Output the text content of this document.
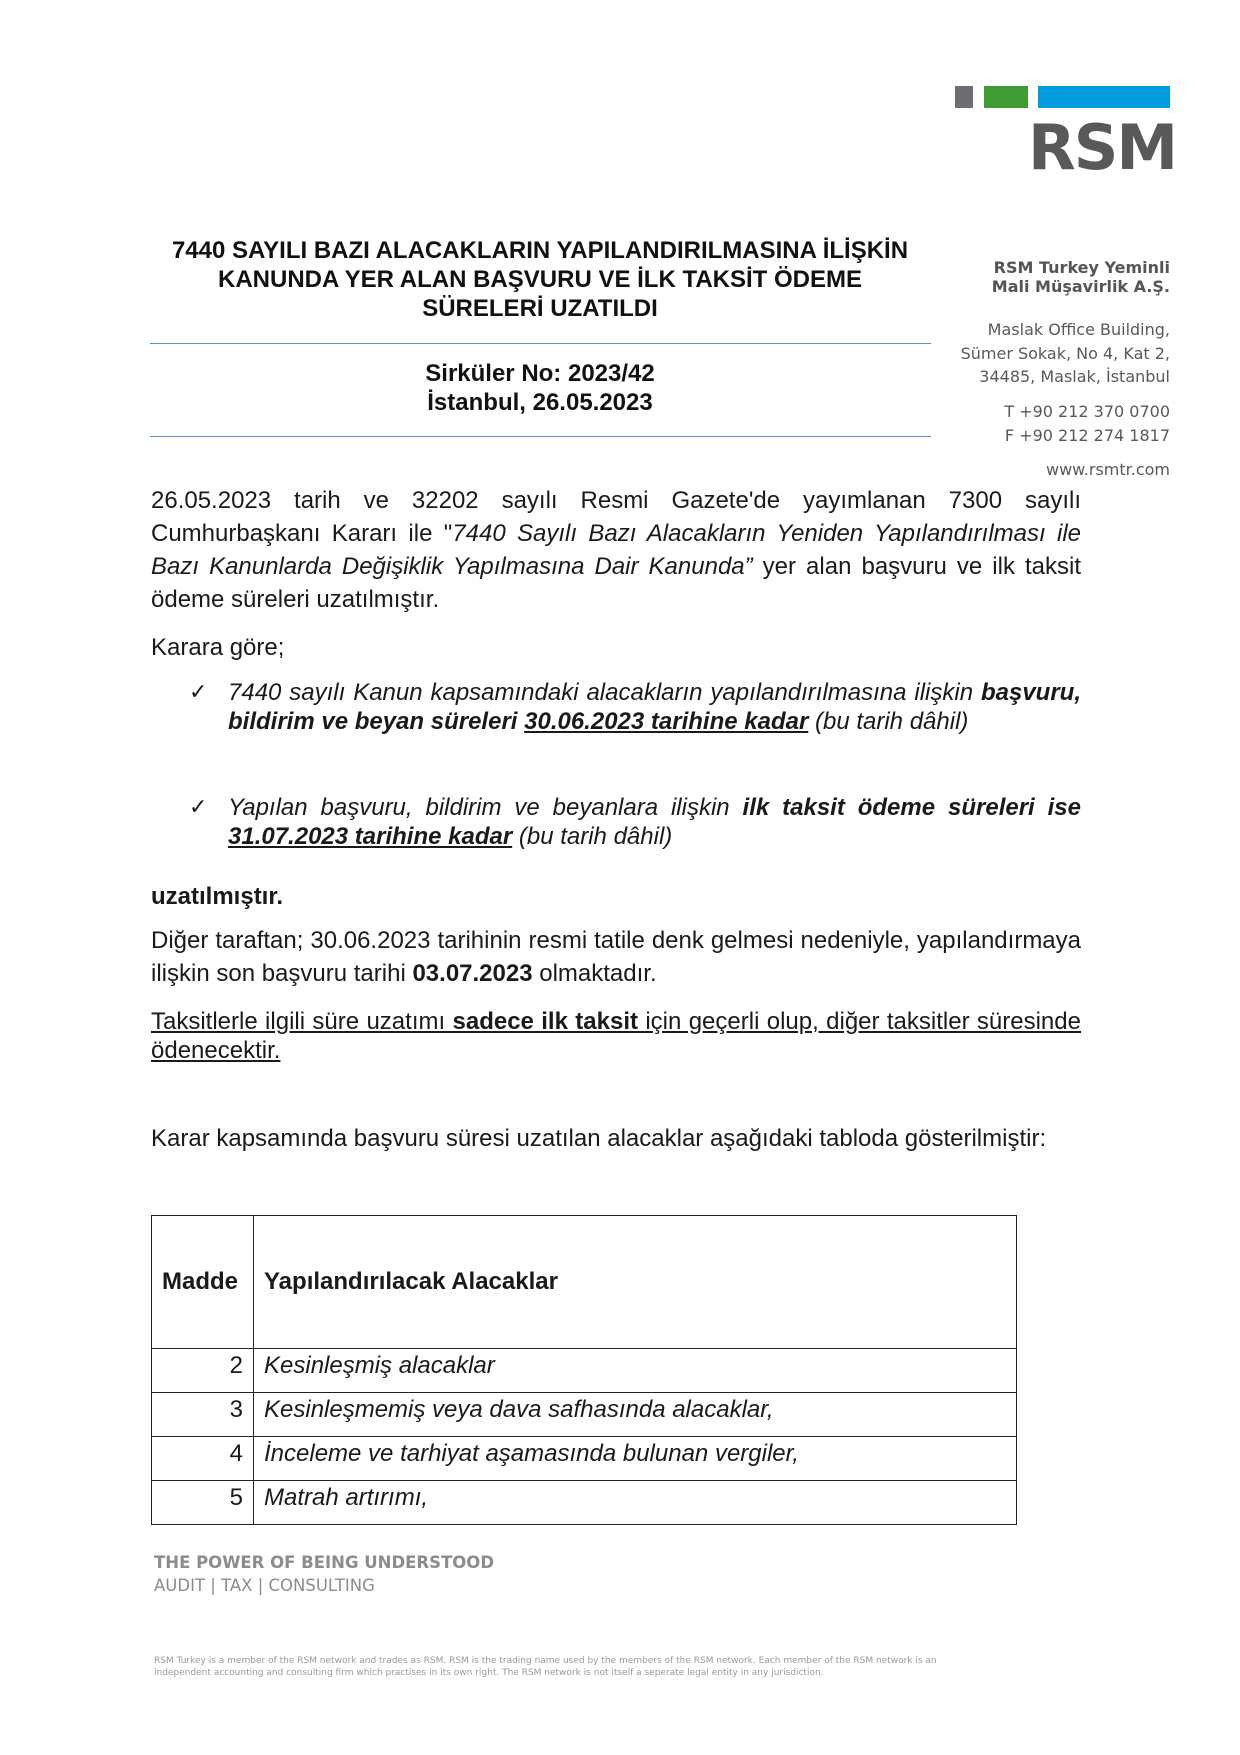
RSM
RSM Turkey Yeminli
Mali Müşavirlik A.Ş.
Maslak Office Building,
Sümer Sokak, No 4, Kat 2,
34485, Maslak, İstanbul
T +90 212 370 0700
F +90 212 274 1817
www.rsmtr.com
7440 SAYILI BAZI ALACAKLARIN YAPILANDIRILMASINA İLİŞKİN
KANUNDA YER ALAN BAŞVURU VE İLK TAKSİT ÖDEME
SÜRELERİ UZATILDI
Sirküler No: 2023/42
İstanbul, 26.05.2023
26.05.2023 tarih ve 32202 sayılı Resmi Gazete'de yayımlanan 7300 sayılı Cumhurbaşkanı Kararı ile "7440 Sayılı Bazı Alacakların Yeniden Yapılandırılması ile Bazı Kanunlarda Değişiklik Yapılmasına Dair Kanunda” yer alan başvuru ve ilk taksit ödeme süreleri uzatılmıştır.
Karara göre;
✓ 7440 sayılı Kanun kapsamındaki alacakların yapılandırılmasına ilişkin başvuru, bildirim ve beyan süreleri 30.06.2023 tarihine kadar (bu tarih dâhil)
✓ Yapılan başvuru, bildirim ve beyanlara ilişkin ilk taksit ödeme süreleri ise 31.07.2023 tarihine kadar (bu tarih dâhil)
uzatılmıştır.
Diğer taraftan; 30.06.2023 tarihinin resmi tatile denk gelmesi nedeniyle, yapılandırmaya ilişkin son başvuru tarihi 03.07.2023 olmaktadır.
Taksitlerle ilgili süre uzatımı sadece ilk taksit için geçerli olup, diğer taksitler süresinde ödenecektir.
Karar kapsamında başvuru süresi uzatılan alacaklar aşağıdaki tabloda gösterilmiştir:
Madde	Yapılandırılacak Alacaklar
2	Kesinleşmiş alacaklar
3	Kesinleşmemiş veya dava safhasında alacaklar,
4	İnceleme ve tarhiyat aşamasında bulunan vergiler,
5	Matrah artırımı,
THE POWER OF BEING UNDERSTOOD
AUDIT | TAX | CONSULTING
RSM Turkey is a member of the RSM network and trades as RSM. RSM is the trading name used by the members of the RSM network. Each member of the RSM network is an
independent accounting and consulting firm which practises in its own right. The RSM network is not itself a seperate legal entity in any jurisdiction.
